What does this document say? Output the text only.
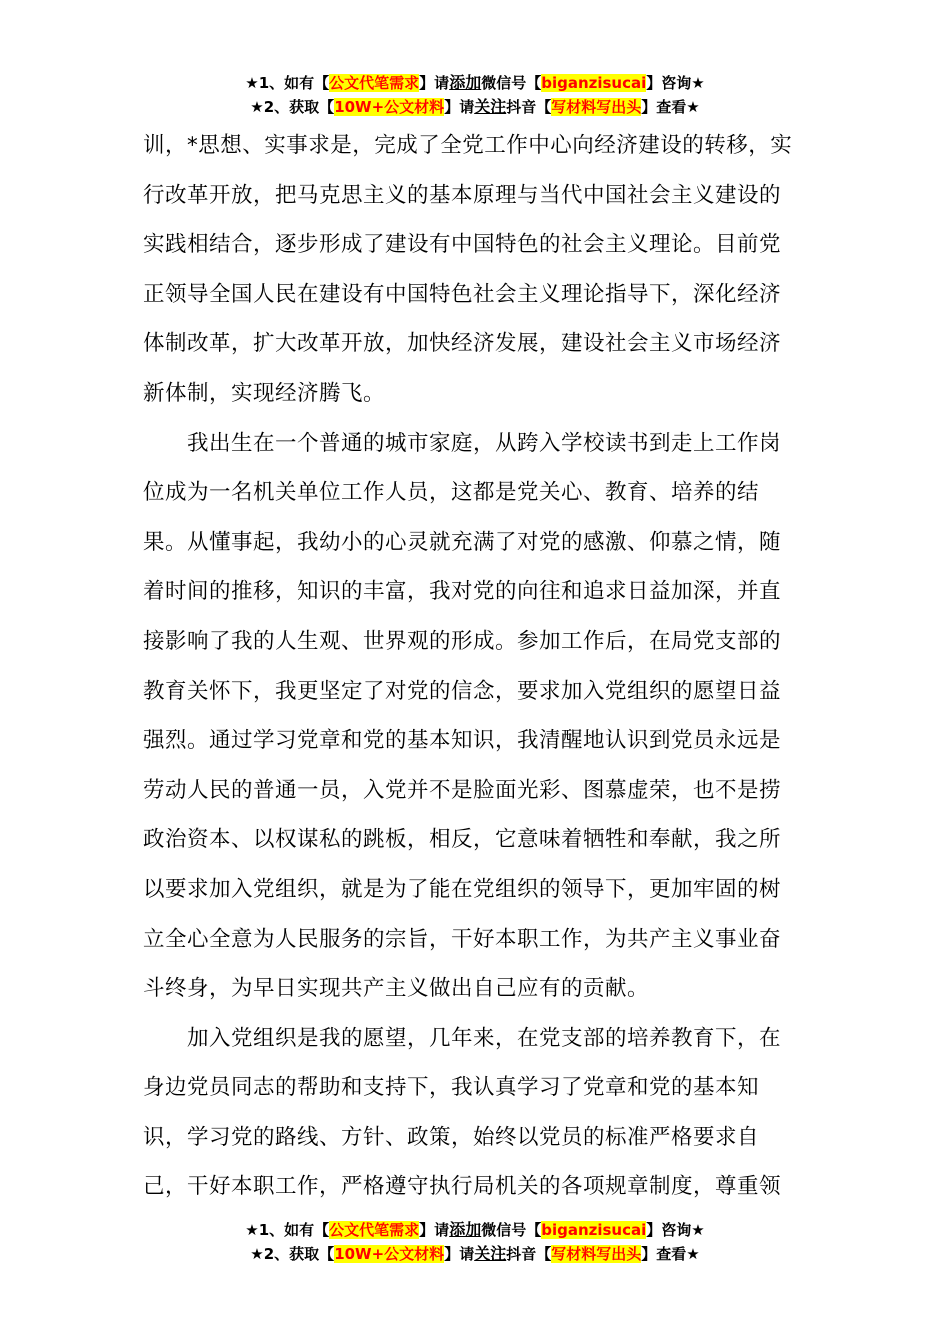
★1、如有【公文代笔需求】请添加微信号【biganzisucai】咨询★
★2、获取【10W+公文材料】请关注抖音【写材料写出头】查看★
训，*思想、实事求是，完成了全党工作中心向经济建设的转移，实
行改革开放，把马克思主义的基本原理与当代中国社会主义建设的
实践相结合，逐步形成了建设有中国特色的社会主义理论。目前党
正领导全国人民在建设有中国特色社会主义理论指导下，深化经济
体制改革，扩大改革开放，加快经济发展，建设社会主义市场经济
新体制，实现经济腾飞。
我出生在一个普通的城市家庭，从跨入学校读书到走上工作岗
位成为一名机关单位工作人员，这都是党关心、教育、培养的结
果。从懂事起，我幼小的心灵就充满了对党的感激、仰慕之情，随
着时间的推移，知识的丰富，我对党的向往和追求日益加深，并直
接影响了我的人生观、世界观的形成。参加工作后，在局党支部的
教育关怀下，我更坚定了对党的信念，要求加入党组织的愿望日益
强烈。通过学习党章和党的基本知识，我清醒地认识到党员永远是
劳动人民的普通一员，入党并不是脸面光彩、图慕虚荣，也不是捞
政治资本、以权谋私的跳板，相反，它意味着牺牲和奉献，我之所
以要求加入党组织，就是为了能在党组织的领导下，更加牢固的树
立全心全意为人民服务的宗旨，干好本职工作，为共产主义事业奋
斗终身，为早日实现共产主义做出自己应有的贡献。
加入党组织是我的愿望，几年来，在党支部的培养教育下，在
身边党员同志的帮助和支持下，我认真学习了党章和党的基本知
识，学习党的路线、方针、政策，始终以党员的标准严格要求自
己，干好本职工作，严格遵守执行局机关的各项规章制度，尊重领
★1、如有【公文代笔需求】请添加微信号【biganzisucai】咨询★
★2、获取【10W+公文材料】请关注抖音【写材料写出头】查看★
